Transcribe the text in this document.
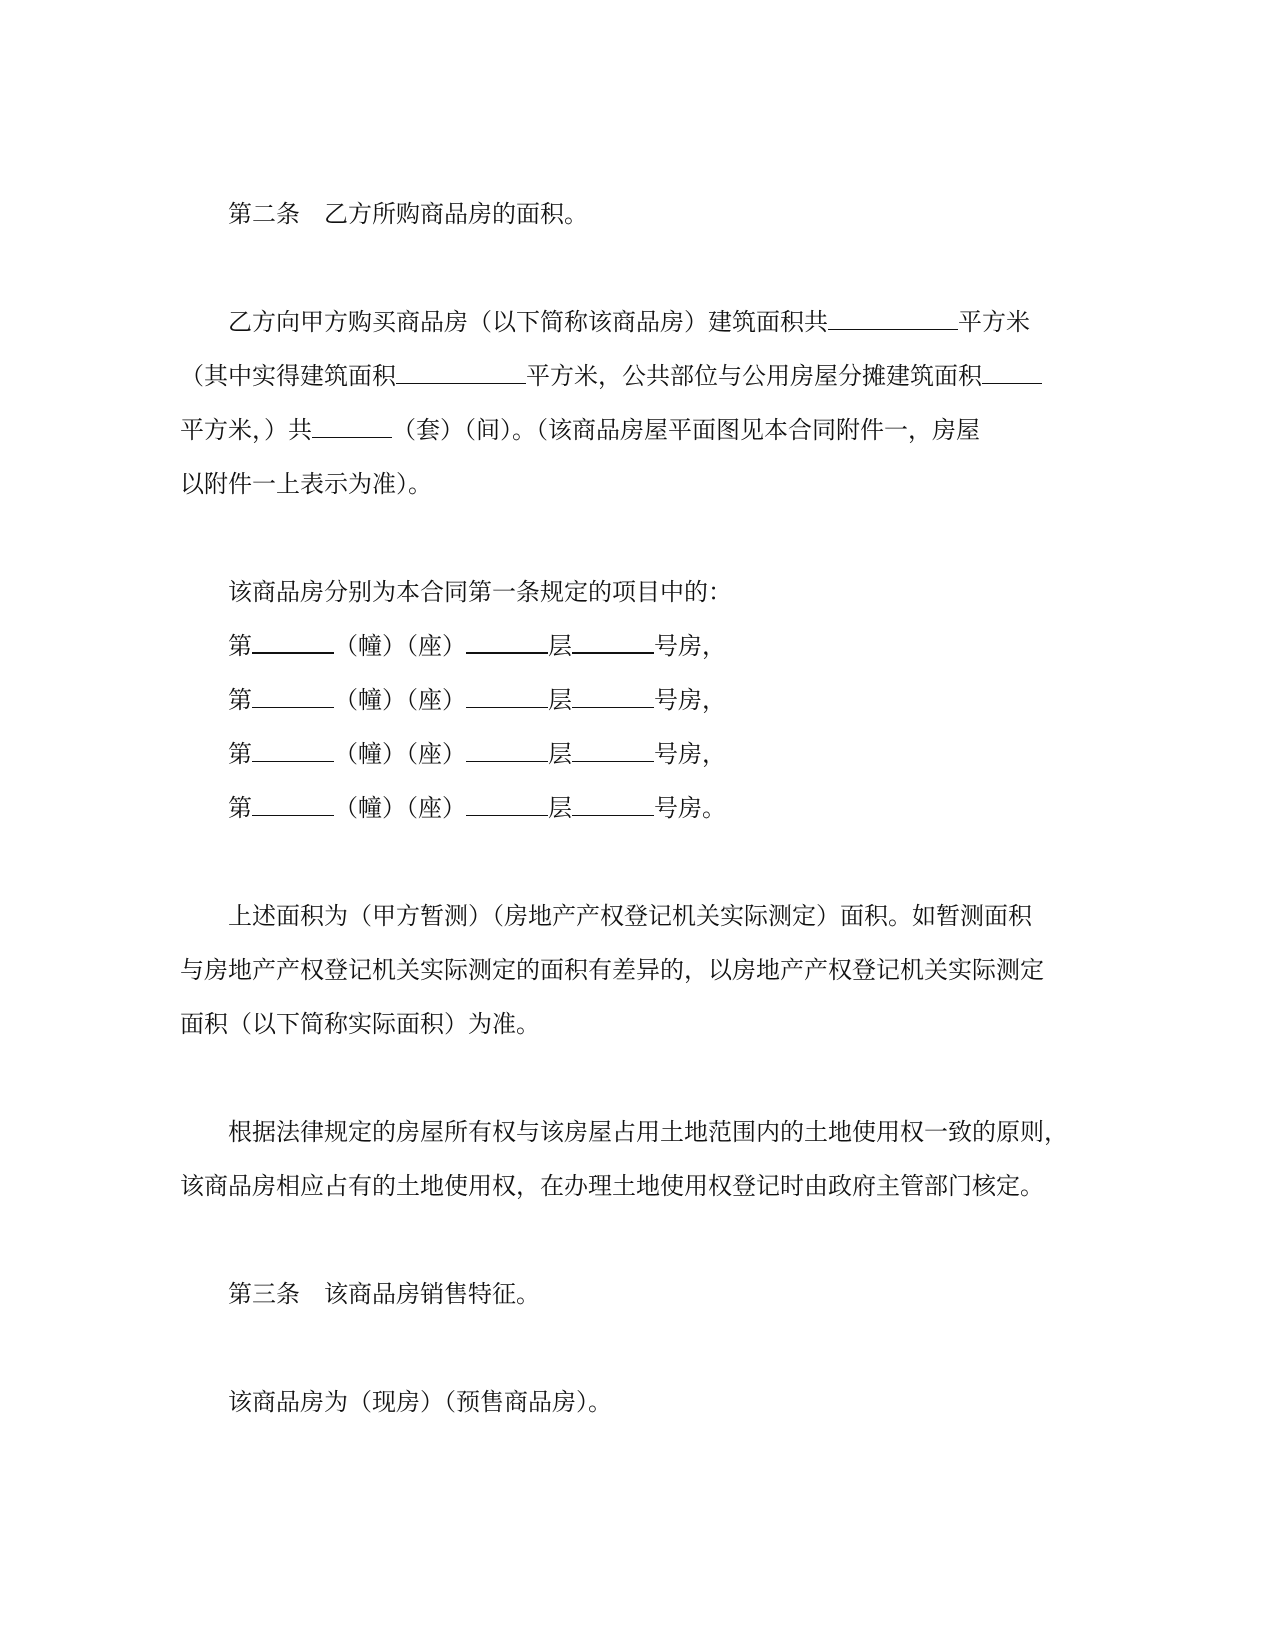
第二条　乙方所购商品房的面积。
乙方向甲方购买商品房（以下简称该商品房）建筑面积共	平方米
（其中实得建筑面积	平方米，公共部位与公用房屋分摊建筑面积
平方米，）共	（套）（间）。（该商品房屋平面图见本合同附件一，房屋
以附件一上表示为准）。
该商品房分别为本合同第一条规定的项目中的：
第	（幢）（座）	层	号房，
第	（幢）（座）	层	号房，
第	（幢）（座）	层	号房，
第	（幢）（座）	层	号房。
上述面积为（甲方暂测）（房地产产权登记机关实际测定）面积。如暂测面积
与房地产产权登记机关实际测定的面积有差异的，以房地产产权登记机关实际测定
面积（以下简称实际面积）为准。
根据法律规定的房屋所有权与该房屋占用土地范围内的土地使用权一致的原则，
该商品房相应占有的土地使用权，在办理土地使用权登记时由政府主管部门核定。
第三条　该商品房销售特征。
该商品房为（现房）（预售商品房）。
